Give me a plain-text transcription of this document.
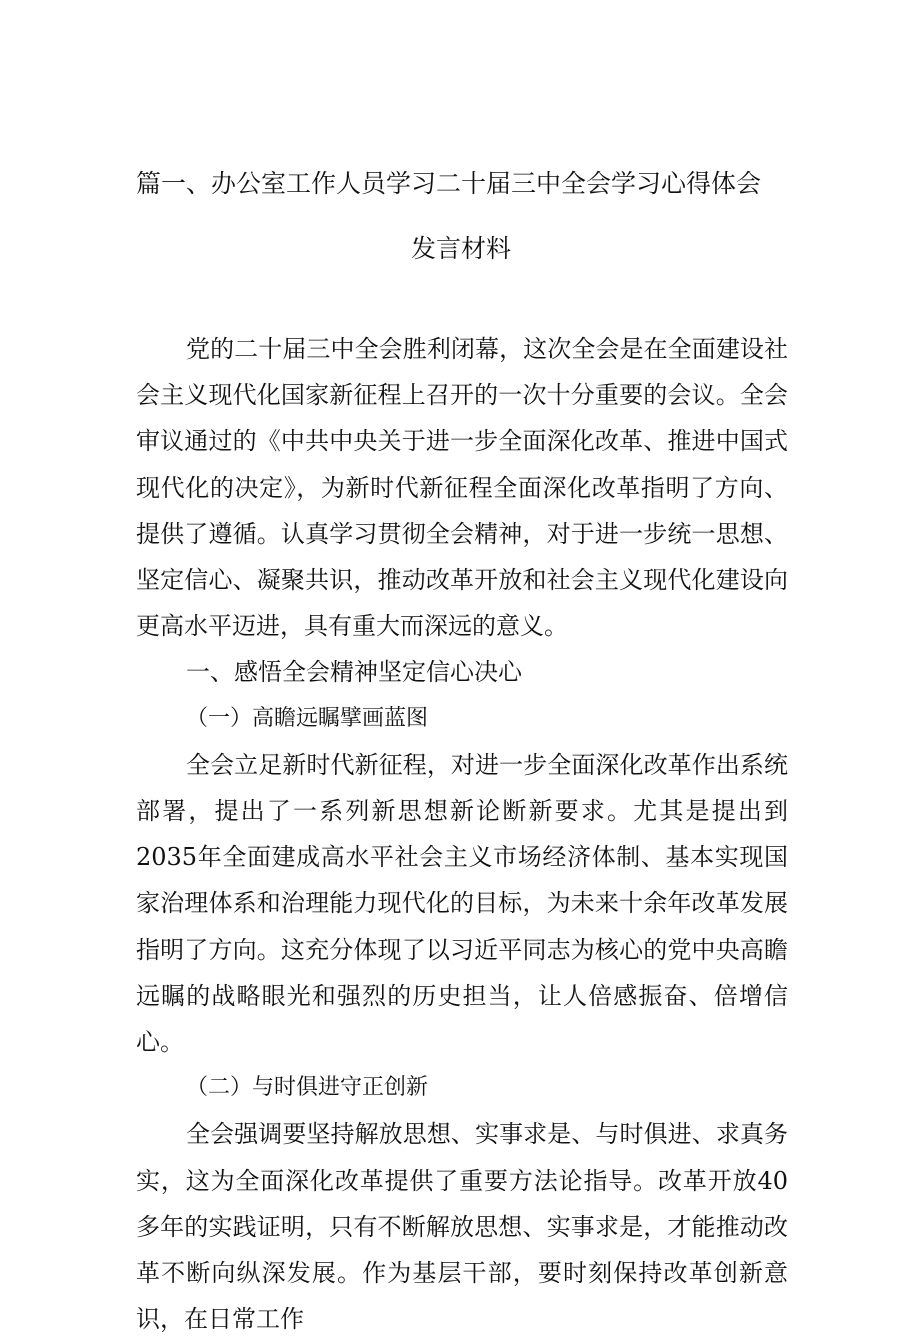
篇一、办公室工作人员学习二十届三中全会学习心得体会
发言材料

党的二十届三中全会胜利闭幕，这次全会是在全面建设社会主义现代化国家新征程上召开的一次十分重要的会议。全会审议通过的《中共中央关于进一步全面深化改革、推进中国式现代化的决定》，为新时代新征程全面深化改革指明了方向、提供了遵循。认真学习贯彻全会精神，对于进一步统一思想、坚定信心、凝聚共识，推动改革开放和社会主义现代化建设向更高水平迈进，具有重大而深远的意义。

一、感悟全会精神坚定信心决心

（一）高瞻远瞩擘画蓝图

全会立足新时代新征程，对进一步全面深化改革作出系统部署，提出了一系列新思想新论断新要求。尤其是提出到2035年全面建成高水平社会主义市场经济体制、基本实现国家治理体系和治理能力现代化的目标，为未来十余年改革发展指明了方向。这充分体现了以习近平同志为核心的党中央高瞻远瞩的战略眼光和强烈的历史担当，让人倍感振奋、倍增信心。

（二）与时俱进守正创新

全会强调要坚持解放思想、实事求是、与时俱进、求真务实，这为全面深化改革提供了重要方法论指导。改革开放40多年的实践证明，只有不断解放思想、实事求是，才能推动改革不断向纵深发展。作为基层干部，要时刻保持改革创新意识，在日常工作
